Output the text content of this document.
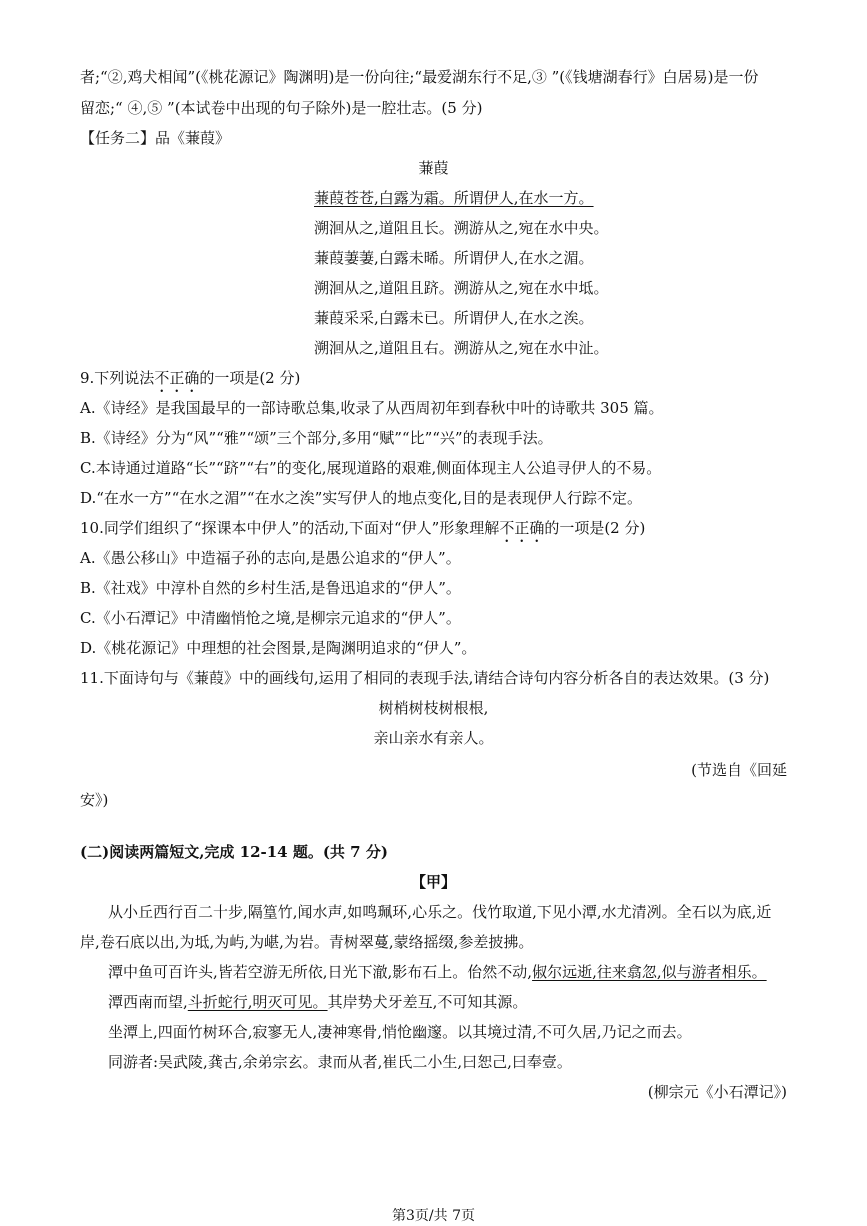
者;“②,鸡犬相闻”(《桃花源记》陶渊明)是一份向往;“最爱湖东行不足,③ ”(《钱塘湖春行》白居易)是一份
留恋;“ ④,⑤ ”(本试卷中出现的句子除外)是一腔壮志。(5 分)
【任务二】品《蒹葭》
蒹葭
蒹葭苍苍,白露为霜。所谓伊人,在水一方。
溯洄从之,道阻且长。溯游从之,宛在水中央。
蒹葭萋萋,白露未晞。所谓伊人,在水之湄。
溯洄从之,道阻且跻。溯游从之,宛在水中坻。
蒹葭采采,白露未已。所谓伊人,在水之涘。
溯洄从之,道阻且右。溯游从之,宛在水中沚。
9.下列说法不正确的一项是(2 分)
A.《诗经》是我国最早的一部诗歌总集,收录了从西周初年到春秋中叶的诗歌共 305 篇。
B.《诗经》分为“风”“雅”“颂”三个部分,多用“赋”“比”“兴”的表现手法。
C.本诗通过道路“长”“跻”“右”的变化,展现道路的艰难,侧面体现主人公追寻伊人的不易。
D.“在水一方”“在水之湄”“在水之涘”实写伊人的地点变化,目的是表现伊人行踪不定。
10.同学们组织了“探课本中伊人”的活动,下面对“伊人”形象理解不正确的一项是(2 分)
A.《愚公移山》中造福子孙的志向,是愚公追求的“伊人”。
B.《社戏》中淳朴自然的乡村生活,是鲁迅追求的“伊人”。
C.《小石潭记》中清幽悄怆之境,是柳宗元追求的“伊人”。
D.《桃花源记》中理想的社会图景,是陶渊明追求的“伊人”。
11.下面诗句与《蒹葭》中的画线句,运用了相同的表现手法,请结合诗句内容分析各自的表达效果。(3 分)
树梢树枝树根根,
亲山亲水有亲人。
(节选自《回延
安》)
(二)阅读两篇短文,完成 12-14 题。(共 7 分)
【甲】
从小丘西行百二十步,隔篁竹,闻水声,如鸣珮环,心乐之。伐竹取道,下见小潭,水尤清冽。全石以为底,近
岸,卷石底以出,为坻,为屿,为嵁,为岩。青树翠蔓,蒙络摇缀,参差披拂。
潭中鱼可百许头,皆若空游无所依,日光下澈,影布石上。佁然不动,俶尔远逝,往来翕忽,似与游者相乐。
潭西南而望,斗折蛇行,明灭可见。其岸势犬牙差互,不可知其源。
坐潭上,四面竹树环合,寂寥无人,凄神寒骨,悄怆幽邃。以其境过清,不可久居,乃记之而去。
同游者:吴武陵,龚古,余弟宗玄。隶而从者,崔氏二小生,曰恕己,曰奉壹。
(柳宗元《小石潭记》)
第3页/共 7页
